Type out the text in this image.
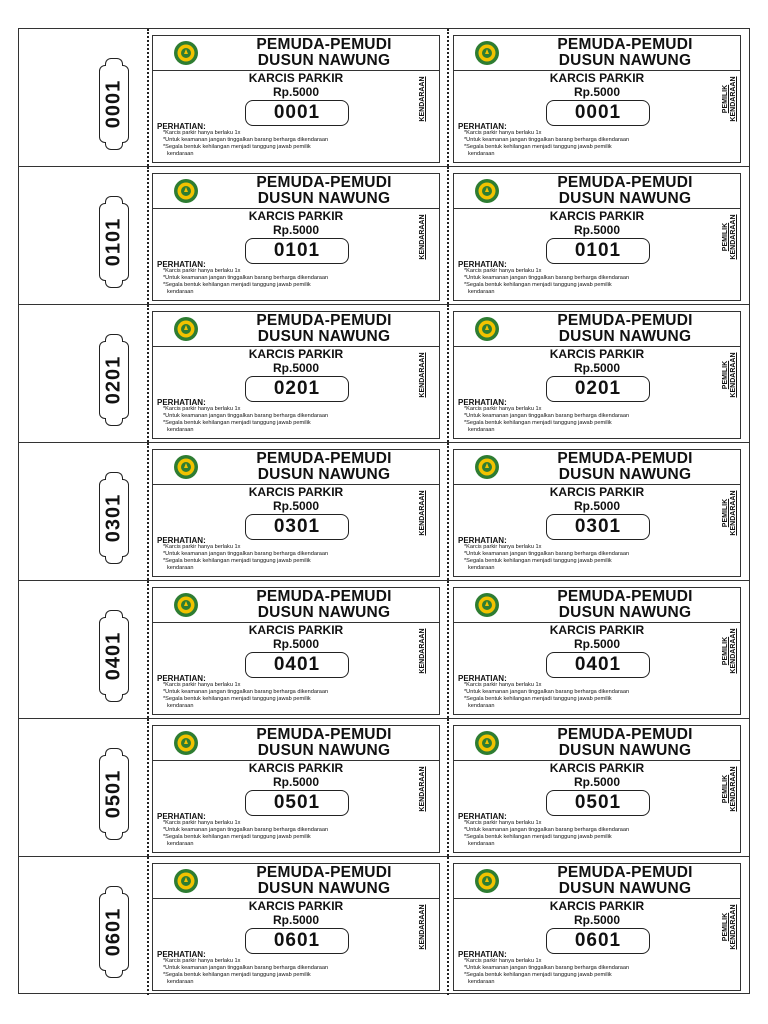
0001
PEMUDA-PEMUDI
DUSUN NAWUNG
KARCIS PARKIR
Rp.5000
0001
PERHATIAN:
*Karcis parkir hanya berlaku 1x
*Untuk keamanan jangan tinggalkan barang berharga dikendaraan
*Segala bentuk kehilangan menjadi tanggung jawab pemilik
kendaraan
KENDARAAN
PEMUDA-PEMUDI
DUSUN NAWUNG
KARCIS PARKIR
Rp.5000
0001
PERHATIAN:
*Karcis parkir hanya berlaku 1x
*Untuk keamanan jangan tinggalkan barang berharga dikendaraan
*Segala bentuk kehilangan menjadi tanggung jawab pemilik
kendaraan
PEMILIK KENDARAAN
0101
PEMUDA-PEMUDI
DUSUN NAWUNG
KARCIS PARKIR
Rp.5000
0101
PERHATIAN:
*Karcis parkir hanya berlaku 1x
*Untuk keamanan jangan tinggalkan barang berharga dikendaraan
*Segala bentuk kehilangan menjadi tanggung jawab pemilik
kendaraan
KENDARAAN
PEMUDA-PEMUDI
DUSUN NAWUNG
KARCIS PARKIR
Rp.5000
0101
PERHATIAN:
*Karcis parkir hanya berlaku 1x
*Untuk keamanan jangan tinggalkan barang berharga dikendaraan
*Segala bentuk kehilangan menjadi tanggung jawab pemilik
kendaraan
PEMILIK KENDARAAN
0201
PEMUDA-PEMUDI
DUSUN NAWUNG
KARCIS PARKIR
Rp.5000
0201
PERHATIAN:
*Karcis parkir hanya berlaku 1x
*Untuk keamanan jangan tinggalkan barang berharga dikendaraan
*Segala bentuk kehilangan menjadi tanggung jawab pemilik
kendaraan
KENDARAAN
PEMUDA-PEMUDI
DUSUN NAWUNG
KARCIS PARKIR
Rp.5000
0201
PERHATIAN:
*Karcis parkir hanya berlaku 1x
*Untuk keamanan jangan tinggalkan barang berharga dikendaraan
*Segala bentuk kehilangan menjadi tanggung jawab pemilik
kendaraan
PEMILIK KENDARAAN
0301
PEMUDA-PEMUDI
DUSUN NAWUNG
KARCIS PARKIR
Rp.5000
0301
PERHATIAN:
*Karcis parkir hanya berlaku 1x
*Untuk keamanan jangan tinggalkan barang berharga dikendaraan
*Segala bentuk kehilangan menjadi tanggung jawab pemilik
kendaraan
KENDARAAN
PEMUDA-PEMUDI
DUSUN NAWUNG
KARCIS PARKIR
Rp.5000
0301
PERHATIAN:
*Karcis parkir hanya berlaku 1x
*Untuk keamanan jangan tinggalkan barang berharga dikendaraan
*Segala bentuk kehilangan menjadi tanggung jawab pemilik
kendaraan
PEMILIK KENDARAAN
0401
PEMUDA-PEMUDI
DUSUN NAWUNG
KARCIS PARKIR
Rp.5000
0401
PERHATIAN:
*Karcis parkir hanya berlaku 1x
*Untuk keamanan jangan tinggalkan barang berharga dikendaraan
*Segala bentuk kehilangan menjadi tanggung jawab pemilik
kendaraan
KENDARAAN
PEMUDA-PEMUDI
DUSUN NAWUNG
KARCIS PARKIR
Rp.5000
0401
PERHATIAN:
*Karcis parkir hanya berlaku 1x
*Untuk keamanan jangan tinggalkan barang berharga dikendaraan
*Segala bentuk kehilangan menjadi tanggung jawab pemilik
kendaraan
PEMILIK KENDARAAN
0501
PEMUDA-PEMUDI
DUSUN NAWUNG
KARCIS PARKIR
Rp.5000
0501
PERHATIAN:
*Karcis parkir hanya berlaku 1x
*Untuk keamanan jangan tinggalkan barang berharga dikendaraan
*Segala bentuk kehilangan menjadi tanggung jawab pemilik
kendaraan
KENDARAAN
PEMUDA-PEMUDI
DUSUN NAWUNG
KARCIS PARKIR
Rp.5000
0501
PERHATIAN:
*Karcis parkir hanya berlaku 1x
*Untuk keamanan jangan tinggalkan barang berharga dikendaraan
*Segala bentuk kehilangan menjadi tanggung jawab pemilik
kendaraan
PEMILIK KENDARAAN
0601
PEMUDA-PEMUDI
DUSUN NAWUNG
KARCIS PARKIR
Rp.5000
0601
PERHATIAN:
*Karcis parkir hanya berlaku 1x
*Untuk keamanan jangan tinggalkan barang berharga dikendaraan
*Segala bentuk kehilangan menjadi tanggung jawab pemilik
kendaraan
KENDARAAN
PEMUDA-PEMUDI
DUSUN NAWUNG
KARCIS PARKIR
Rp.5000
0601
PERHATIAN:
*Karcis parkir hanya berlaku 1x
*Untuk keamanan jangan tinggalkan barang berharga dikendaraan
*Segala bentuk kehilangan menjadi tanggung jawab pemilik
kendaraan
PEMILIK KENDARAAN
